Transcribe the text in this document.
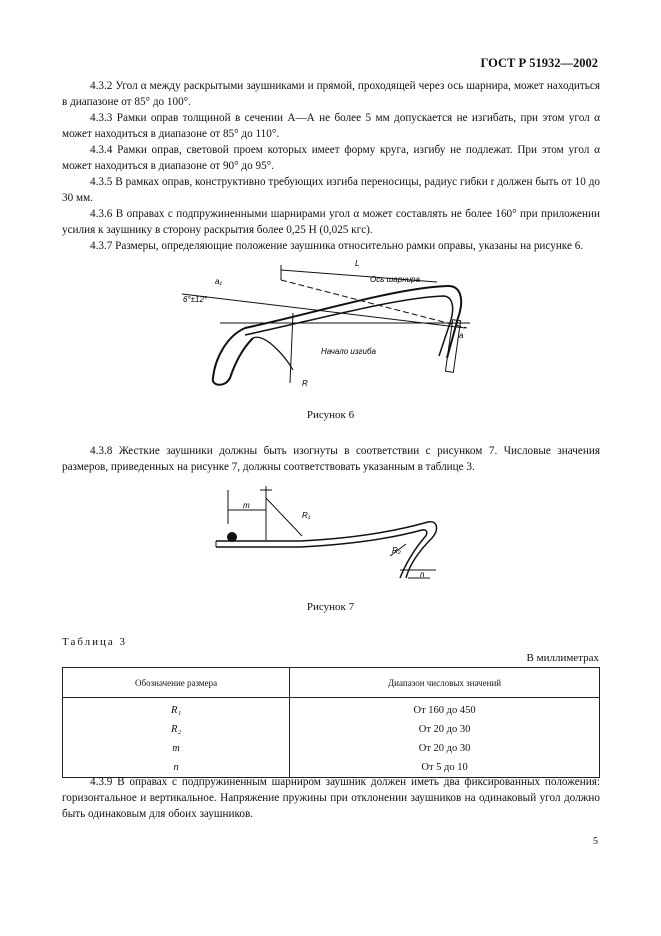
ГОСТ Р 51932—2002

4.3.2 Угол α между раскрытыми заушниками и прямой, проходящей через ось шарнира, может находиться в диапазоне от 85° до 100°.

4.3.3 Рамки оправ толщиной в сечении А—А не более 5 мм допускается не изгибать, при этом угол α может находиться в диапазоне от 85° до 110°.

4.3.4 Рамки оправ, световой проем которых имеет форму круга, изгибу не подлежат. При этом угол α может находиться в диапазоне от 90° до 95°.

4.3.5 В рамках оправ, конструктивно требующих изгиба переносицы, радиус гибки r должен быть от 10 до 30 мм.

4.3.6 В оправах с подпружиненными шарнирами угол α может составлять не более 160° при приложении усилия к заушнику в сторону раскрытия более 0,25 Н (0,025 кгс).

4.3.7 Размеры, определяющие положение заушника относительно рамки оправы, указаны на рисунке 6.

L
Ось шарнира
a₁
6°±12°
Начало изгиба
R
a
Рисунок 6

4.3.8 Жесткие заушники должны быть изогнуты в соответствии с рисунком 7. Числовые значения размеров, приведенных на рисунке 7, должны соответствовать указанным в таблице 3.

m
R₁
R₂
n
Рисунок 7
Таблица 3
В миллиметрах
Обозначение размера	Диапазон числовых значений
R₁	От 160 до 450
R₂	От 20 до 30
m	От 20 до 30
n	От 5 до 10

4.3.9 В оправах с подпружиненным шарниром заушник должен иметь два фиксированных положения: горизонтальное и вертикальное. Напряжение пружины при отклонении заушников на одинаковый угол должно быть одинаковым для обоих заушников.

5
